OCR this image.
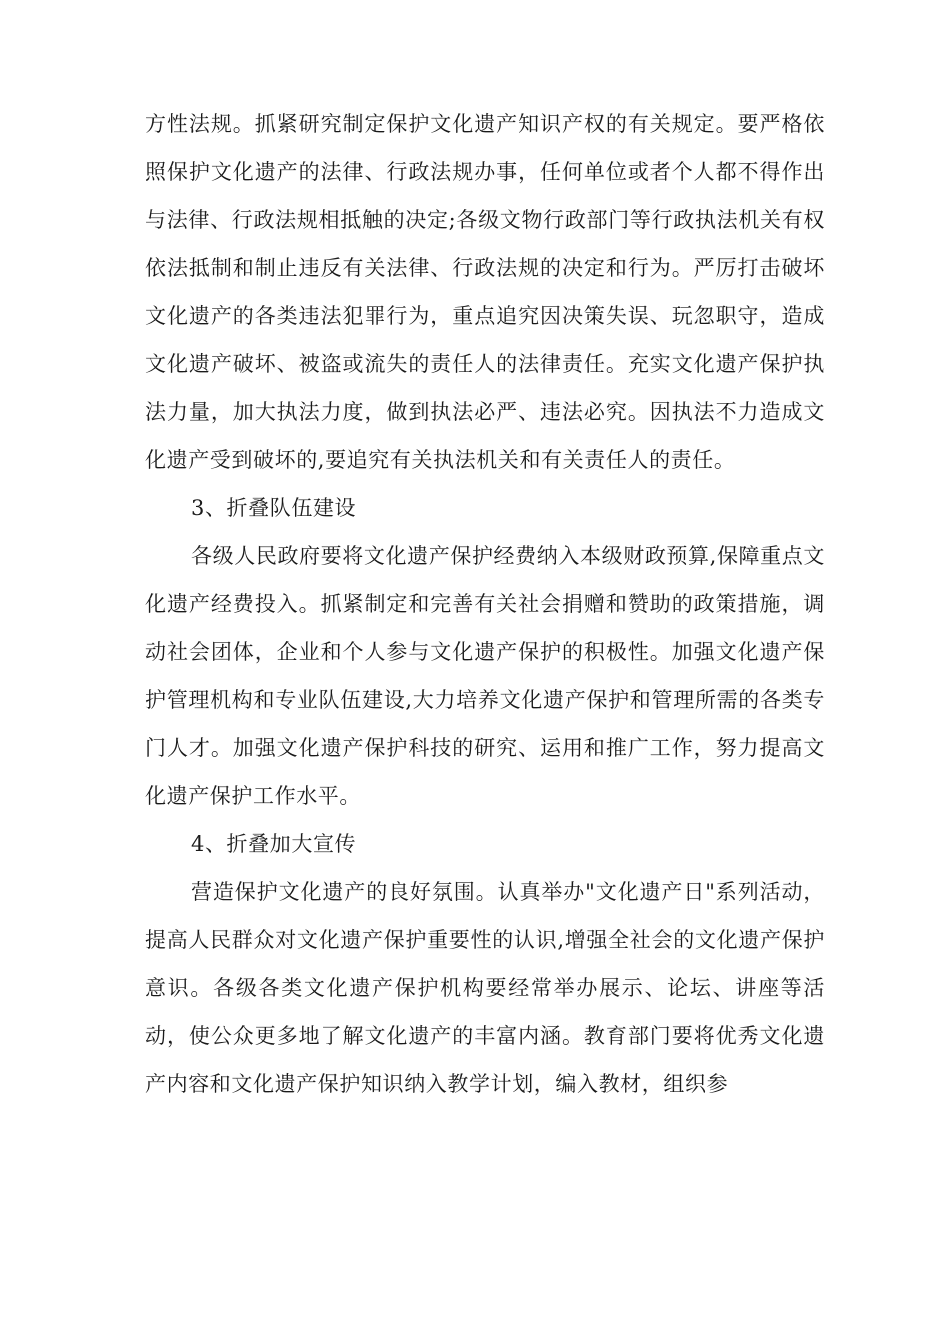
方性法规。抓紧研究制定保护文化遗产知识产权的有关规定。要严格依照保护文化遗产的法律、行政法规办事，任何单位或者个人都不得作出与法律、行政法规相抵触的决定;各级文物行政部门等行政执法机关有权依法抵制和制止违反有关法律、行政法规的决定和行为。严厉打击破坏文化遗产的各类违法犯罪行为，重点追究因决策失误、玩忽职守，造成文化遗产破坏、被盗或流失的责任人的法律责任。充实文化遗产保护执法力量，加大执法力度，做到执法必严、违法必究。因执法不力造成文化遗产受到破坏的,要追究有关执法机关和有关责任人的责任。

3、折叠队伍建设

各级人民政府要将文化遗产保护经费纳入本级财政预算,保障重点文化遗产经费投入。抓紧制定和完善有关社会捐赠和赞助的政策措施，调动社会团体，企业和个人参与文化遗产保护的积极性。加强文化遗产保护管理机构和专业队伍建设,大力培养文化遗产保护和管理所需的各类专门人才。加强文化遗产保护科技的研究、运用和推广工作，努力提高文化遗产保护工作水平。

4、折叠加大宣传

营造保护文化遗产的良好氛围。认真举办"文化遗产日"系列活动，提高人民群众对文化遗产保护重要性的认识,增强全社会的文化遗产保护意识。各级各类文化遗产保护机构要经常举办展示、论坛、讲座等活动，使公众更多地了解文化遗产的丰富内涵。教育部门要将优秀文化遗产内容和文化遗产保护知识纳入教学计划，编入教材，组织参
